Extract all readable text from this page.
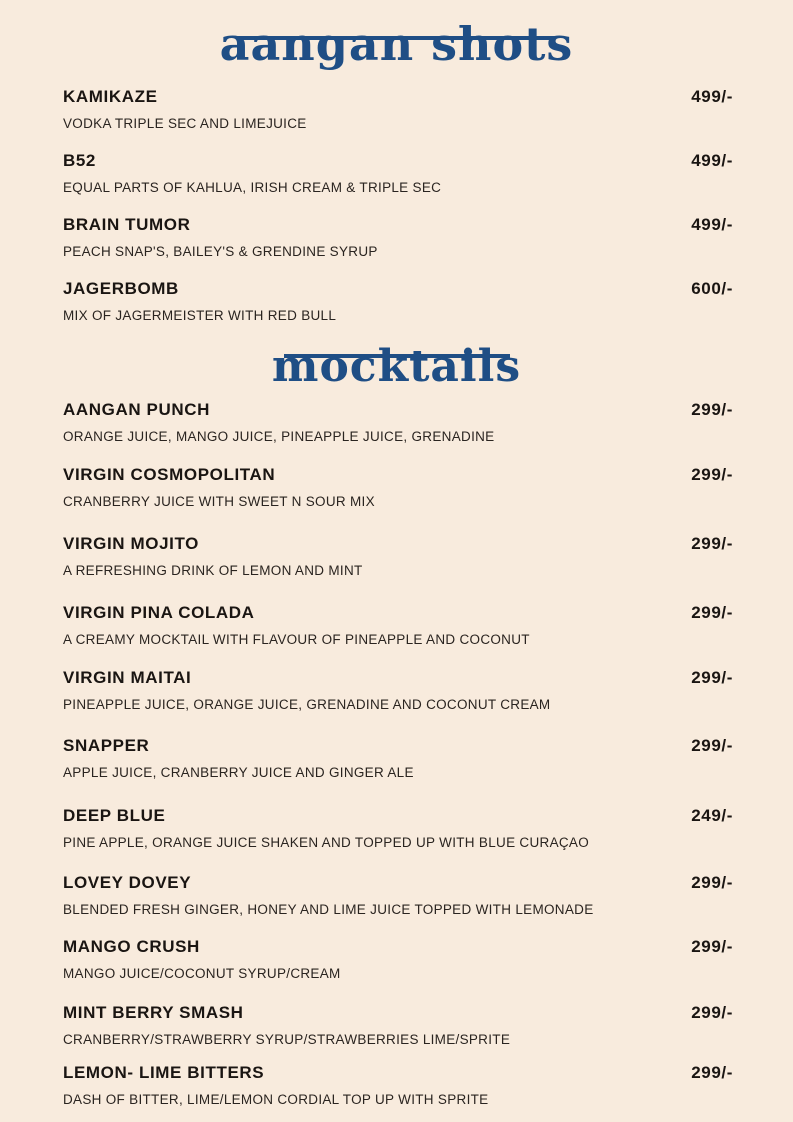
aangan shots
KAMIKAZE	499/-
VODKA TRIPLE SEC AND LIMEJUICE
B52	499/-
EQUAL PARTS OF KAHLUA, IRISH CREAM & TRIPLE SEC
BRAIN TUMOR	499/-
PEACH SNAP'S, BAILEY'S & GRENDINE SYRUP
JAGERBOMB	600/-
MIX OF JAGERMEISTER WITH RED BULL
mocktails
AANGAN PUNCH	299/-
ORANGE JUICE, MANGO JUICE, PINEAPPLE JUICE, GRENADINE
VIRGIN COSMOPOLITAN	299/-
CRANBERRY JUICE WITH SWEET N SOUR MIX
VIRGIN MOJITO	299/-
A REFRESHING DRINK OF LEMON AND MINT
VIRGIN PINA COLADA	299/-
A CREAMY MOCKTAIL WITH FLAVOUR OF PINEAPPLE AND COCONUT
VIRGIN MAITAI	299/-
PINEAPPLE JUICE, ORANGE JUICE, GRENADINE AND COCONUT CREAM
SNAPPER	299/-
APPLE JUICE, CRANBERRY JUICE AND GINGER ALE
DEEP BLUE	249/-
PINE APPLE, ORANGE JUICE SHAKEN AND TOPPED UP WITH BLUE CURAÇAO
LOVEY DOVEY	299/-
BLENDED FRESH GINGER, HONEY AND LIME JUICE TOPPED WITH LEMONADE
MANGO CRUSH	299/-
MANGO JUICE/COCONUT SYRUP/CREAM
MINT BERRY SMASH	299/-
CRANBERRY/STRAWBERRY SYRUP/STRAWBERRIES LIME/SPRITE
LEMON- LIME BITTERS	299/-
DASH OF BITTER, LIME/LEMON CORDIAL TOP UP WITH SPRITE
